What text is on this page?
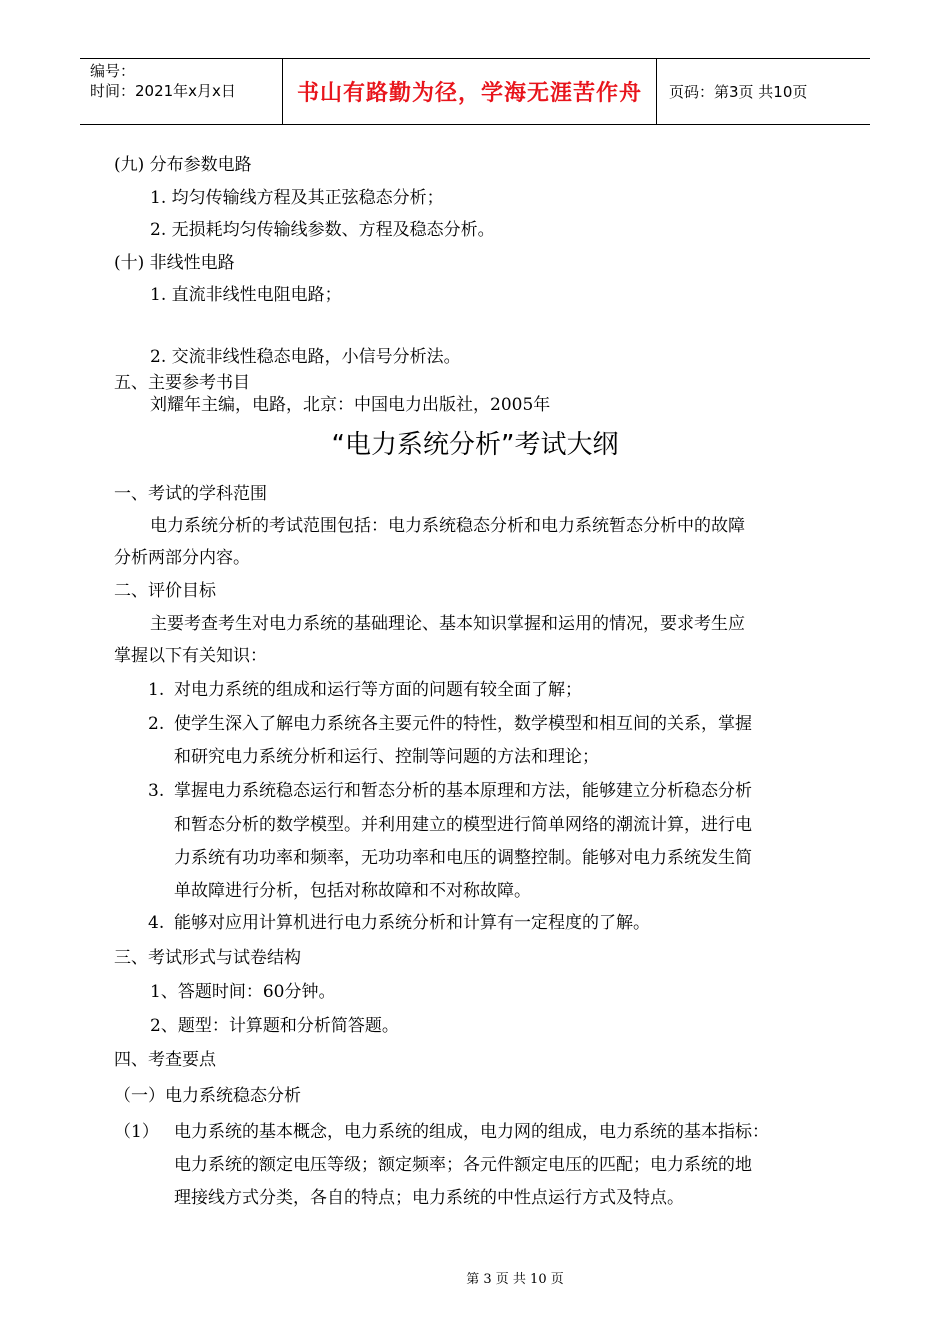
编号：
时间：2021年x月x日	书山有路勤为径，学海无涯苦作舟	页码：第3页 共10页
(九) 分布参数电路
1. 均匀传输线方程及其正弦稳态分析；
2. 无损耗均匀传输线参数、方程及稳态分析。
(十) 非线性电路
1. 直流非线性电阻电路；
2. 交流非线性稳态电路，小信号分析法。
五、主要参考书目
刘耀年主编，电路，北京：中国电力出版社，2005年
“电力系统分析”考试大纲
一、考试的学科范围
电力系统分析的考试范围包括：电力系统稳态分析和电力系统暂态分析中的故障
分析两部分内容。
二、评价目标
主要考查考生对电力系统的基础理论、基本知识掌握和运用的情况，要求考生应
掌握以下有关知识：
1. 对电力系统的组成和运行等方面的问题有较全面了解；
2. 使学生深入了解电力系统各主要元件的特性，数学模型和相互间的关系，掌握
和研究电力系统分析和运行、控制等问题的方法和理论；
3. 掌握电力系统稳态运行和暂态分析的基本原理和方法，能够建立分析稳态分析
和暂态分析的数学模型。并利用建立的模型进行简单网络的潮流计算，进行电
力系统有功功率和频率，无功功率和电压的调整控制。能够对电力系统发生简
单故障进行分析，包括对称故障和不对称故障。
4. 能够对应用计算机进行电力系统分析和计算有一定程度的了解。
三、考试形式与试卷结构
1、答题时间：60分钟。
2、题型：计算题和分析简答题。
四、考查要点
（一）电力系统稳态分析
（1） 电力系统的基本概念，电力系统的组成，电力网的组成，电力系统的基本指标：
电力系统的额定电压等级；额定频率；各元件额定电压的匹配；电力系统的地
理接线方式分类，各自的特点；电力系统的中性点运行方式及特点。
第 3 页 共 10 页
